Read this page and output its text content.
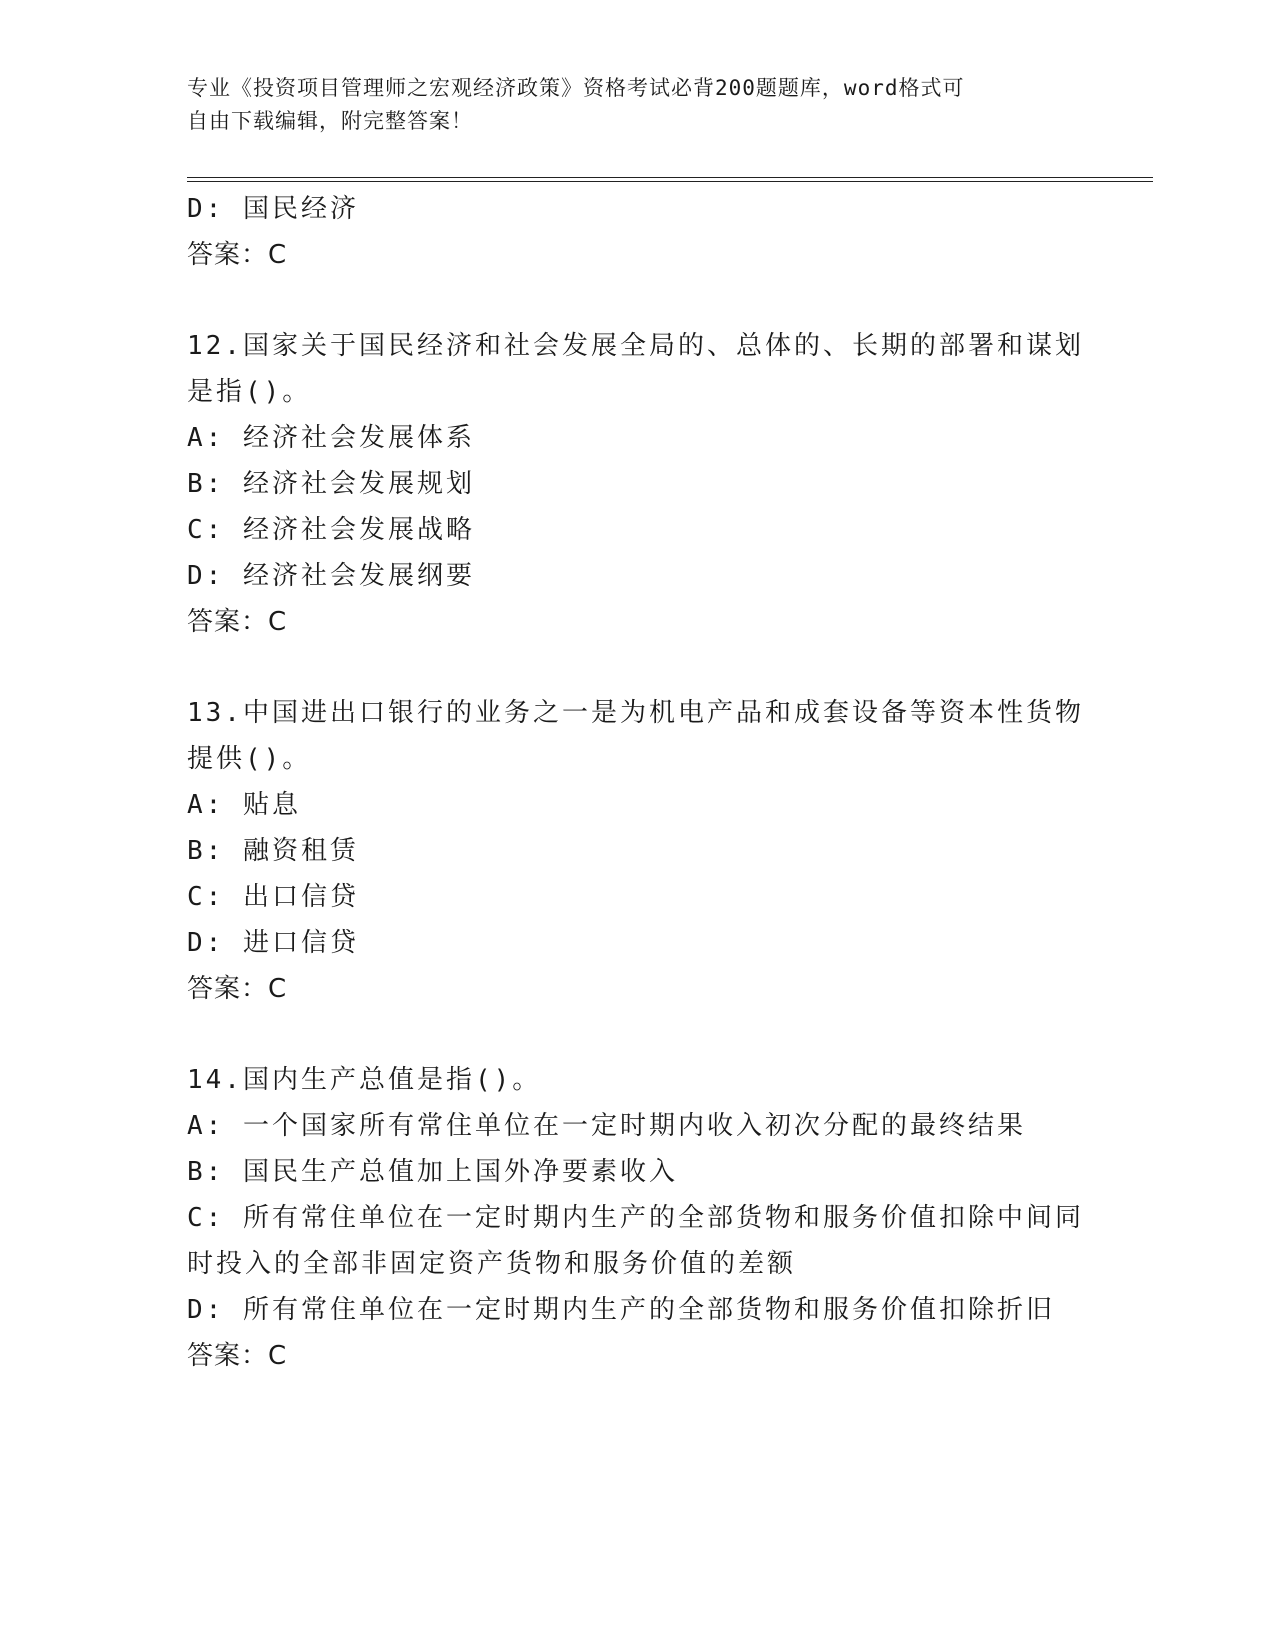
专业《投资项目管理师之宏观经济政策》资格考试必背200题题库，word格式可
自由下载编辑，附完整答案！
D: 国民经济
答案：C
12.国家关于国民经济和社会发展全局的、总体的、长期的部署和谋划
是指()。
A: 经济社会发展体系
B: 经济社会发展规划
C: 经济社会发展战略
D: 经济社会发展纲要
答案：C
13.中国进出口银行的业务之一是为机电产品和成套设备等资本性货物
提供()。
A: 贴息
B: 融资租赁
C: 出口信贷
D: 进口信贷
答案：C
14.国内生产总值是指()。
A: 一个国家所有常住单位在一定时期内收入初次分配的最终结果
B: 国民生产总值加上国外净要素收入
C: 所有常住单位在一定时期内生产的全部货物和服务价值扣除中间同
时投入的全部非固定资产货物和服务价值的差额
D: 所有常住单位在一定时期内生产的全部货物和服务价值扣除折旧
答案：C
